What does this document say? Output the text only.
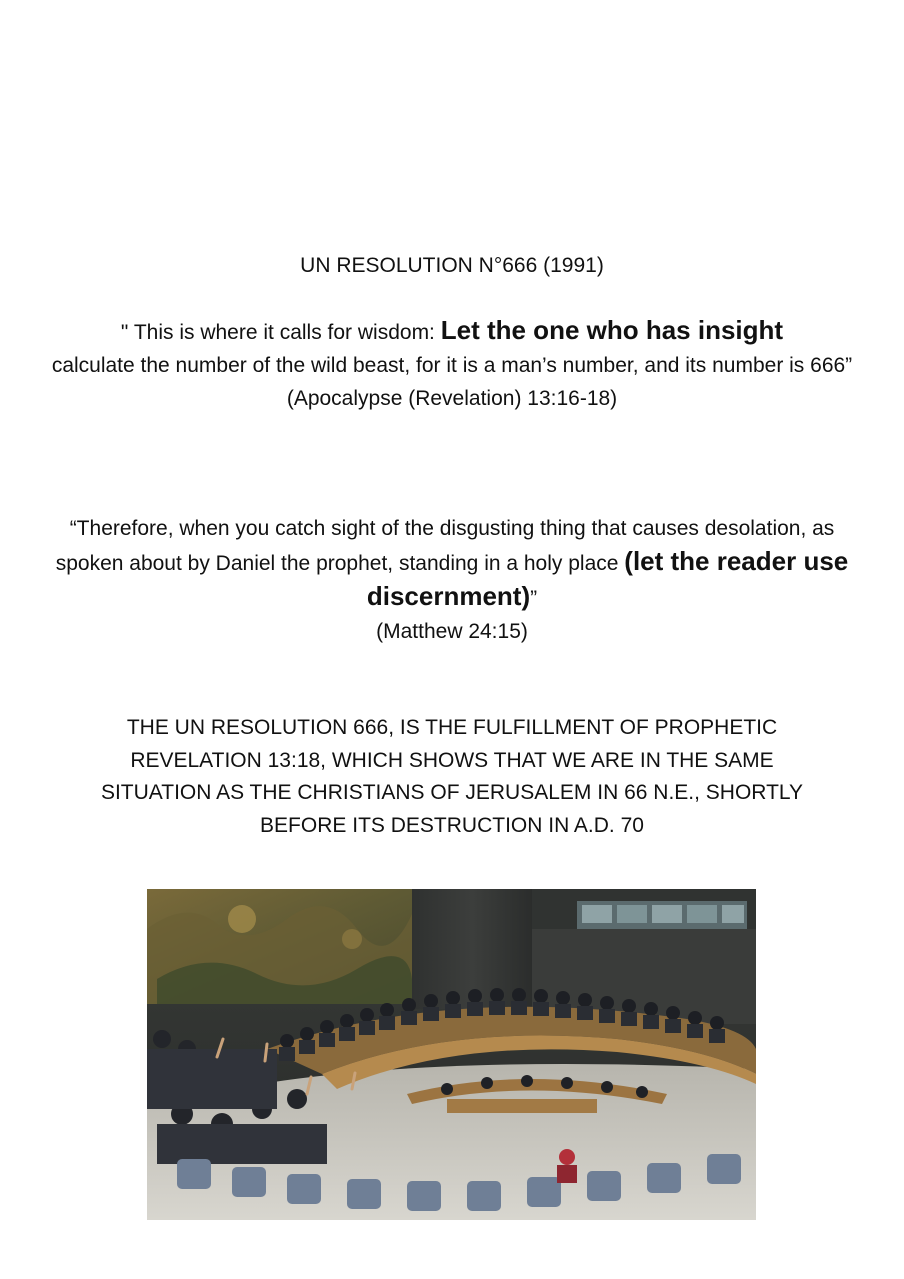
UN RESOLUTION N°666 (1991)
" This is where it calls for wisdom: Let the one who has insight
calculate the number of the wild beast, for it is a man’s number, and its number is 666”
(Apocalypse (Revelation) 13:16-18)
“Therefore, when you catch sight of the disgusting thing that causes desolation, as spoken about by Daniel the prophet, standing in a holy place (let the reader use discernment)”
(Matthew 24:15)
THE UN RESOLUTION 666, IS THE FULFILLMENT OF PROPHETIC REVELATION 13:18, WHICH SHOWS THAT WE ARE IN THE SAME SITUATION AS THE CHRISTIANS OF JERUSALEM IN 66 N.E., SHORTLY BEFORE ITS DESTRUCTION IN A.D. 70
